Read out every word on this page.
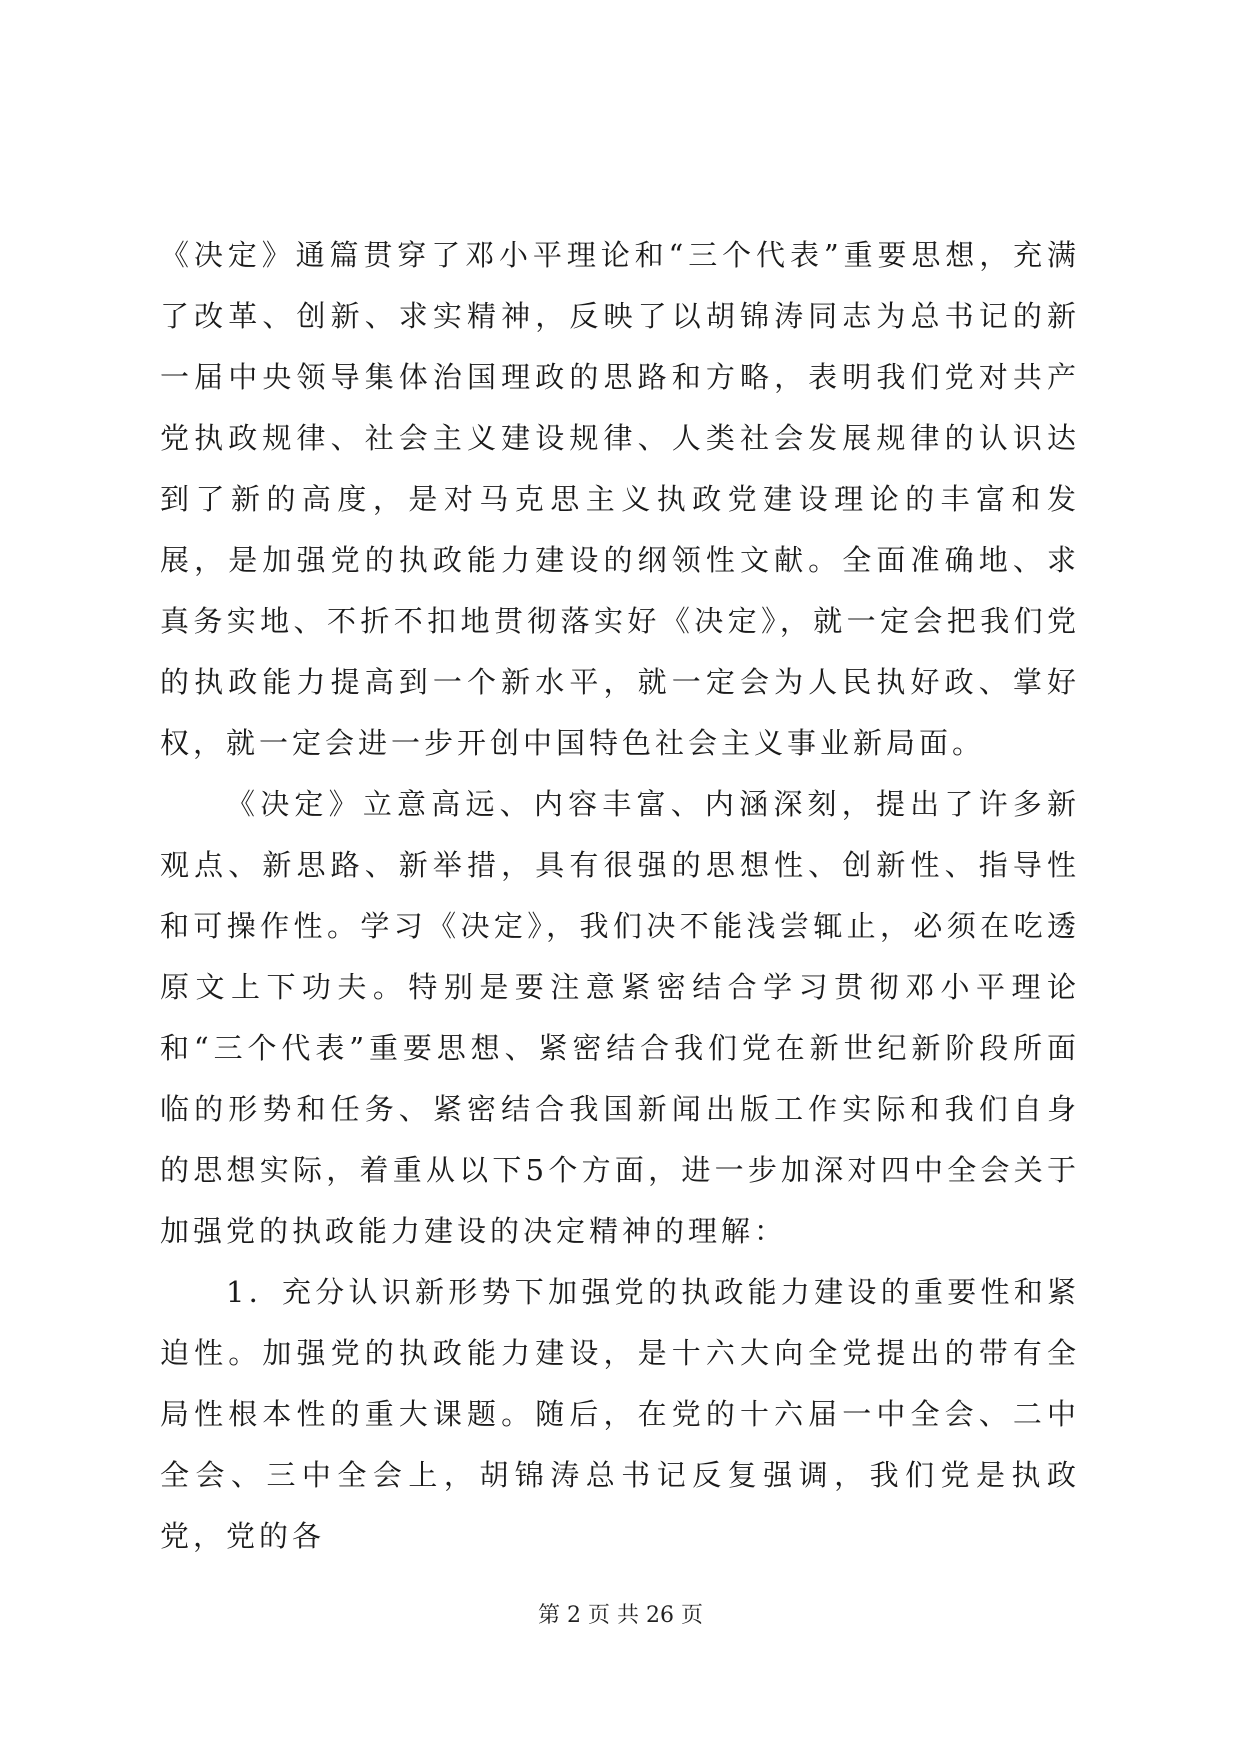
《决定》通篇贯穿了邓小平理论和“三个代表”重要思想，充满了改革、创新、求实精神，反映了以胡锦涛同志为总书记的新一届中央领导集体治国理政的思路和方略，表明我们党对共产党执政规律、社会主义建设规律、人类社会发展规律的认识达到了新的高度，是对马克思主义执政党建设理论的丰富和发展，是加强党的执政能力建设的纲领性文献。全面准确地、求真务实地、不折不扣地贯彻落实好《决定》，就一定会把我们党的执政能力提高到一个新水平，就一定会为人民执好政、掌好权，就一定会进一步开创中国特色社会主义事业新局面。

《决定》立意高远、内容丰富、内涵深刻，提出了许多新观点、新思路、新举措，具有很强的思想性、创新性、指导性和可操作性。学习《决定》，我们决不能浅尝辄止，必须在吃透原文上下功夫。特别是要注意紧密结合学习贯彻邓小平理论和“三个代表”重要思想、紧密结合我们党在新世纪新阶段所面临的形势和任务、紧密结合我国新闻出版工作实际和我们自身的思想实际，着重从以下5个方面，进一步加深对四中全会关于加强党的执政能力建设的决定精神的理解：

1．充分认识新形势下加强党的执政能力建设的重要性和紧迫性。加强党的执政能力建设，是十六大向全党提出的带有全局性根本性的重大课题。随后，在党的十六届一中全会、二中全会、三中全会上，胡锦涛总书记反复强调，我们党是执政党，党的各

第 2 页 共 26 页
